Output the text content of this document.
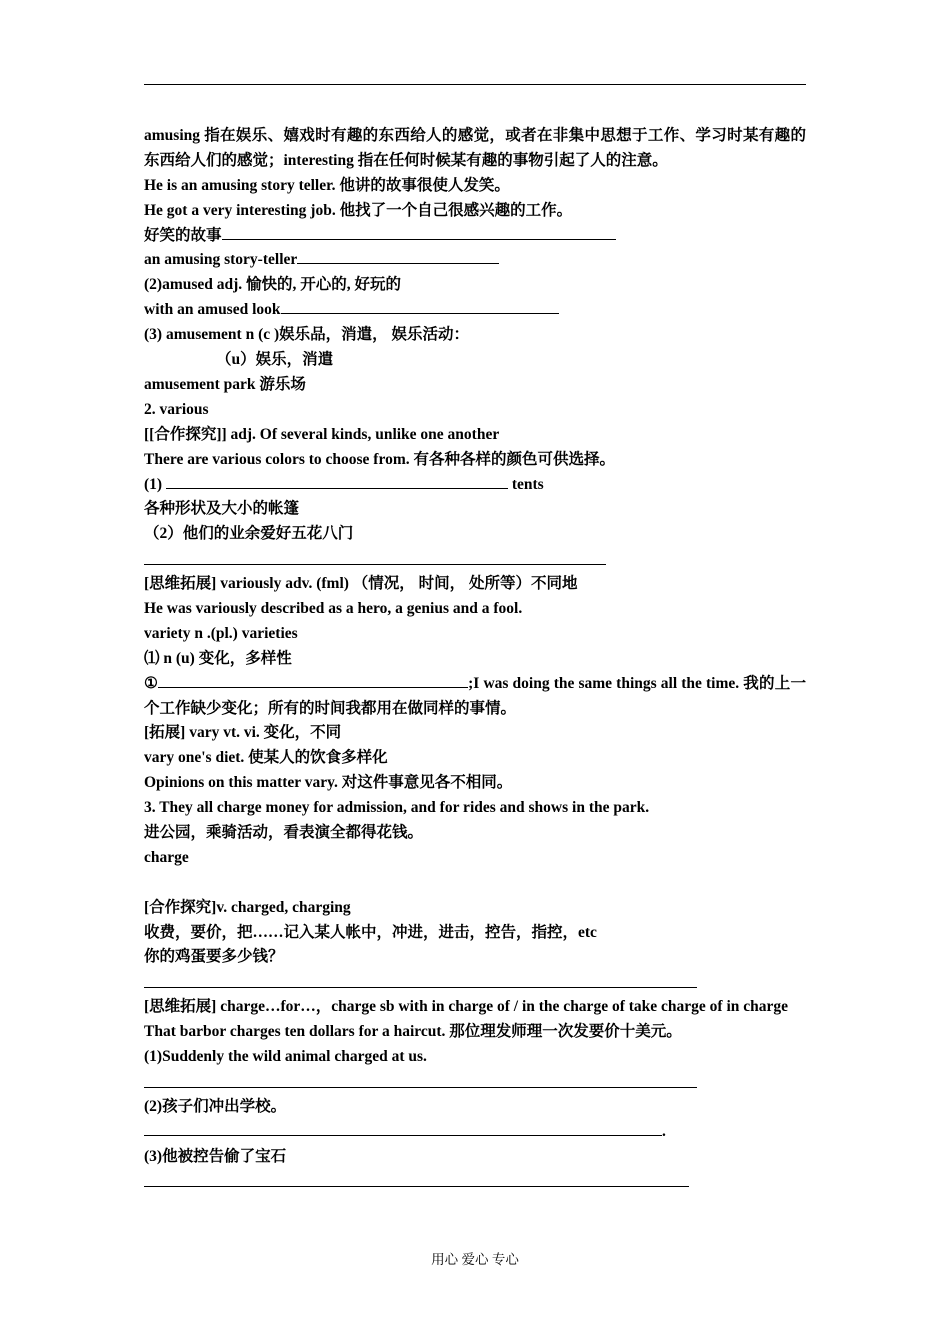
amusing 指在娱乐、嬉戏时有趣的东西给人的感觉，或者在非集中思想于工作、学习时某有趣的东西给人们的感觉；interesting 指在任何时候某有趣的事物引起了人的注意。
He is an amusing story teller. 他讲的故事很使人发笑。
He got a very interesting job. 他找了一个自己很感兴趣的工作。
好笑的故事
an amusing story-teller
(2)amused adj. 愉快的, 开心的, 好玩的
with an amused look
(3) amusement n (c )娱乐品，消遣， 娱乐活动：
（u）娱乐，消遣
amusement park 游乐场
2. various
[[合作探究]] adj. Of several kinds, unlike one another
There are various colors to choose from. 有各种各样的颜色可供选择。
(1)	tents
各种形状及大小的帐篷
（2）他们的业余爱好五花八门
[思维拓展] variously adv. (fml) （情况， 时间， 处所等）不同地
He was variously described as a hero, a genius and a fool.
variety n .(pl.) varieties
⑴ n (u) 变化，多样性
①	;I was doing the same things all the time. 我的上一个工作缺少变化；所有的时间我都用在做同样的事情。
[拓展] vary vt. vi. 变化，不同
vary one's diet. 使某人的饮食多样化
Opinions on this matter vary. 对这件事意见各不相同。
3. They all charge money for admission, and for rides and shows in the park.
进公园，乘骑活动，看表演全都得花钱。
charge
[合作探究]v. charged, charging
收费，要价，把……记入某人帐中，冲进，进击，控告，指控，etc
你的鸡蛋要多少钱？
[思维拓展] charge…for…，charge sb with in charge of / in the charge of take charge of in charge
That barbor charges ten dollars for a haircut. 那位理发师理一次发要价十美元。
(1)Suddenly the wild animal charged at us.
(2)孩子们冲出学校。
.
(3)他被控告偷了宝石
用心 爱心 专心
